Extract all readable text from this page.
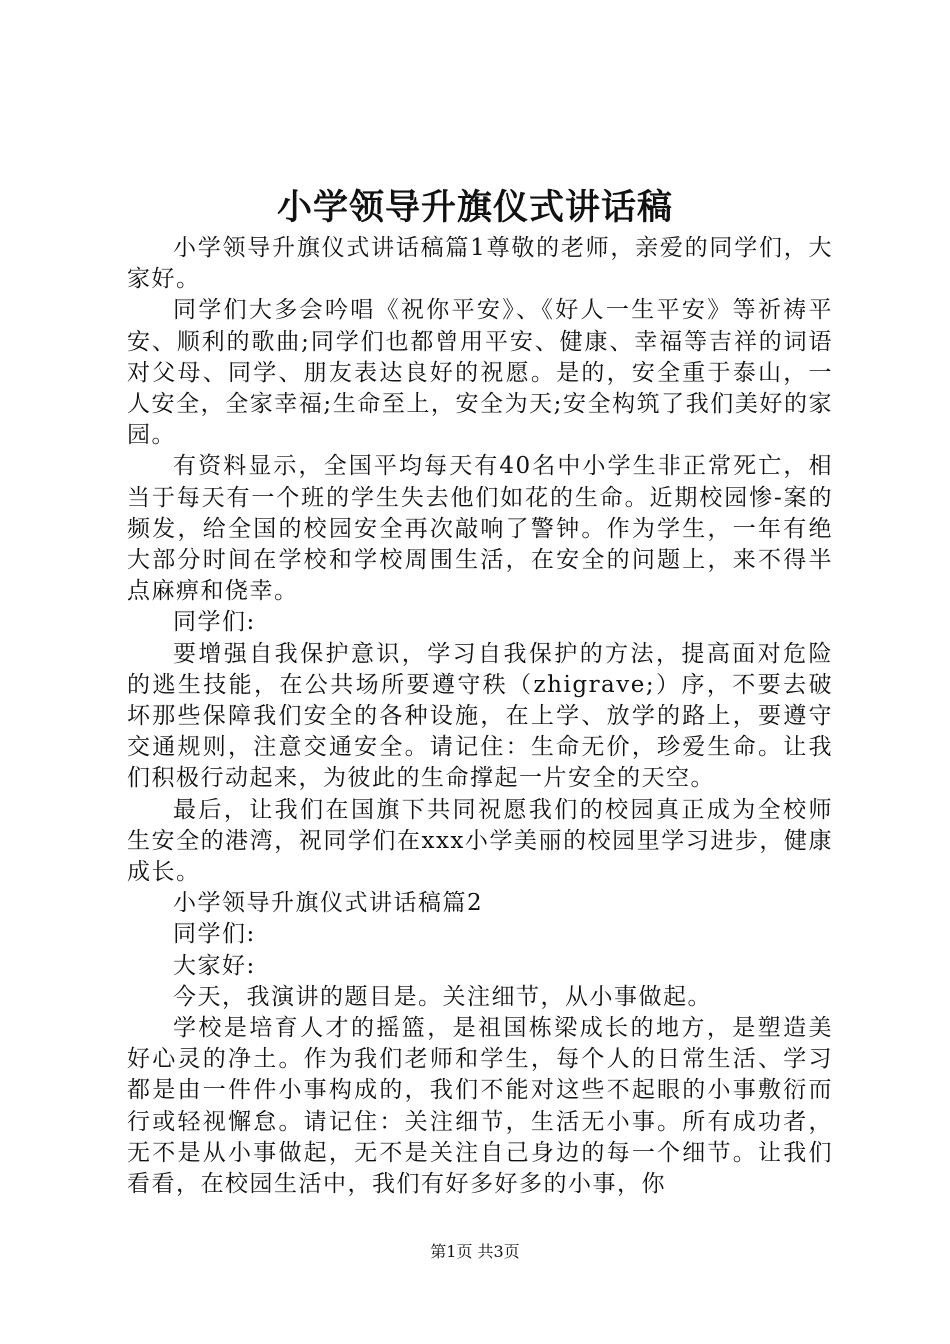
小学领导升旗仪式讲话稿

小学领导升旗仪式讲话稿篇1尊敬的老师，亲爱的同学们，大家好。

同学们大多会吟唱《祝你平安》、《好人一生平安》等祈祷平安、顺利的歌曲;同学们也都曾用平安、健康、幸福等吉祥的词语对父母、同学、朋友表达良好的祝愿。是的，安全重于泰山，一人安全，全家幸福;生命至上，安全为天;安全构筑了我们美好的家园。

有资料显示，全国平均每天有40名中小学生非正常死亡，相当于每天有一个班的学生失去他们如花的生命。近期校园惨-案的频发，给全国的校园安全再次敲响了警钟。作为学生，一年有绝大部分时间在学校和学校周围生活，在安全的问题上，来不得半点麻痹和侥幸。

同学们:

要增强自我保护意识，学习自我保护的方法，提高面对危险的逃生技能，在公共场所要遵守秩（zhigrave;）序，不要去破坏那些保障我们安全的各种设施，在上学、放学的路上，要遵守交通规则，注意交通安全。请记住：生命无价，珍爱生命。让我们积极行动起来，为彼此的生命撑起一片安全的天空。

最后，让我们在国旗下共同祝愿我们的校园真正成为全校师生安全的港湾，祝同学们在xxx小学美丽的校园里学习进步，健康成长。

小学领导升旗仪式讲话稿篇2

同学们:

大家好:

今天，我演讲的题目是。关注细节，从小事做起。

学校是培育人才的摇篮，是祖国栋梁成长的地方，是塑造美好心灵的净土。作为我们老师和学生，每个人的日常生活、学习都是由一件件小事构成的，我们不能对这些不起眼的小事敷衍而行或轻视懈怠。请记住：关注细节，生活无小事。所有成功者，无不是从小事做起，无不是关注自己身边的每一个细节。让我们看看，在校园生活中，我们有好多好多的小事，你

第1页 共3页
